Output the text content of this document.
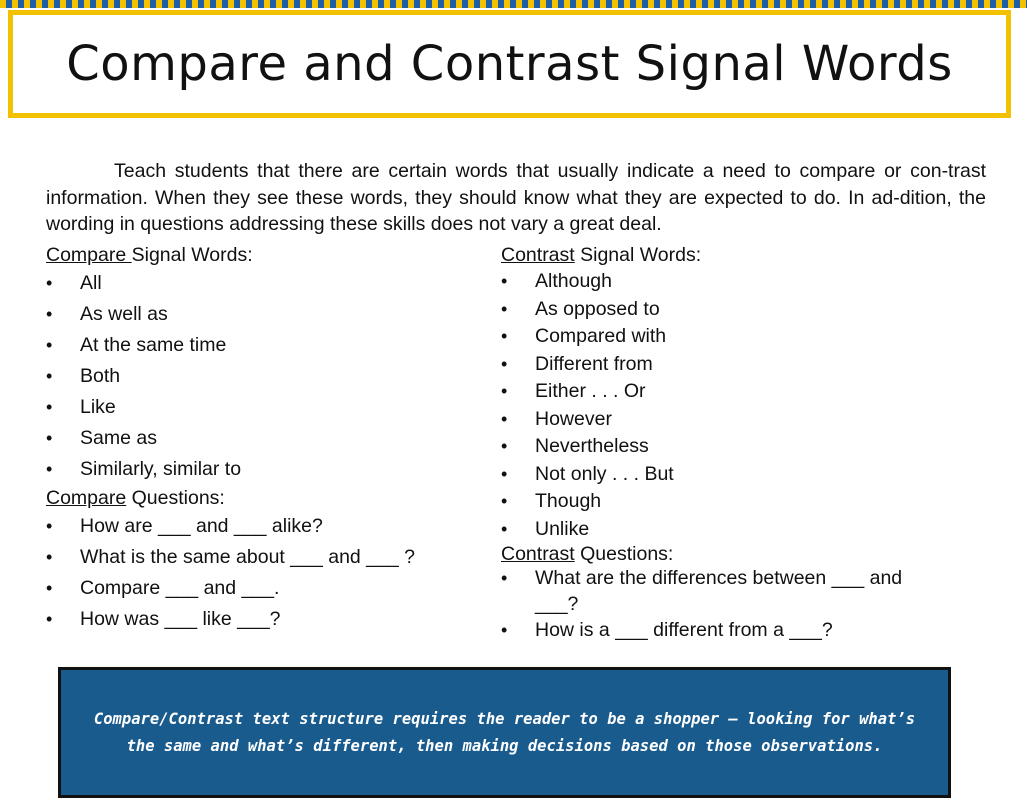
Compare and Contrast Signal Words

Teach students that there are certain words that usually indicate a need to compare or con-trast information. When they see these words, they should know what they are expected to do. In ad-dition, the wording in questions addressing these skills does not vary a great deal.

Compare Signal Words:

• All
• As well as
• At the same time
• Both
• Like
• Same as
• Similarly, similar to

Compare Questions:

• How are ___ and ___ alike?
• What is the same about ___ and ___ ?
• Compare ___ and ___.
• How was ___ like ___?

Contrast Signal Words:

• Although
• As opposed to
• Compared with
• Different from
• Either . . . Or
• However
• Nevertheless
• Not only . . . But
• Though
• Unlike

Contrast Questions:

• What are the differences between ___ and ___?
• How is a ___ different from a ___?

Compare/Contrast text structure requires the reader to be a shopper — looking for what’s the same and what’s different, then making decisions based on those observations.
